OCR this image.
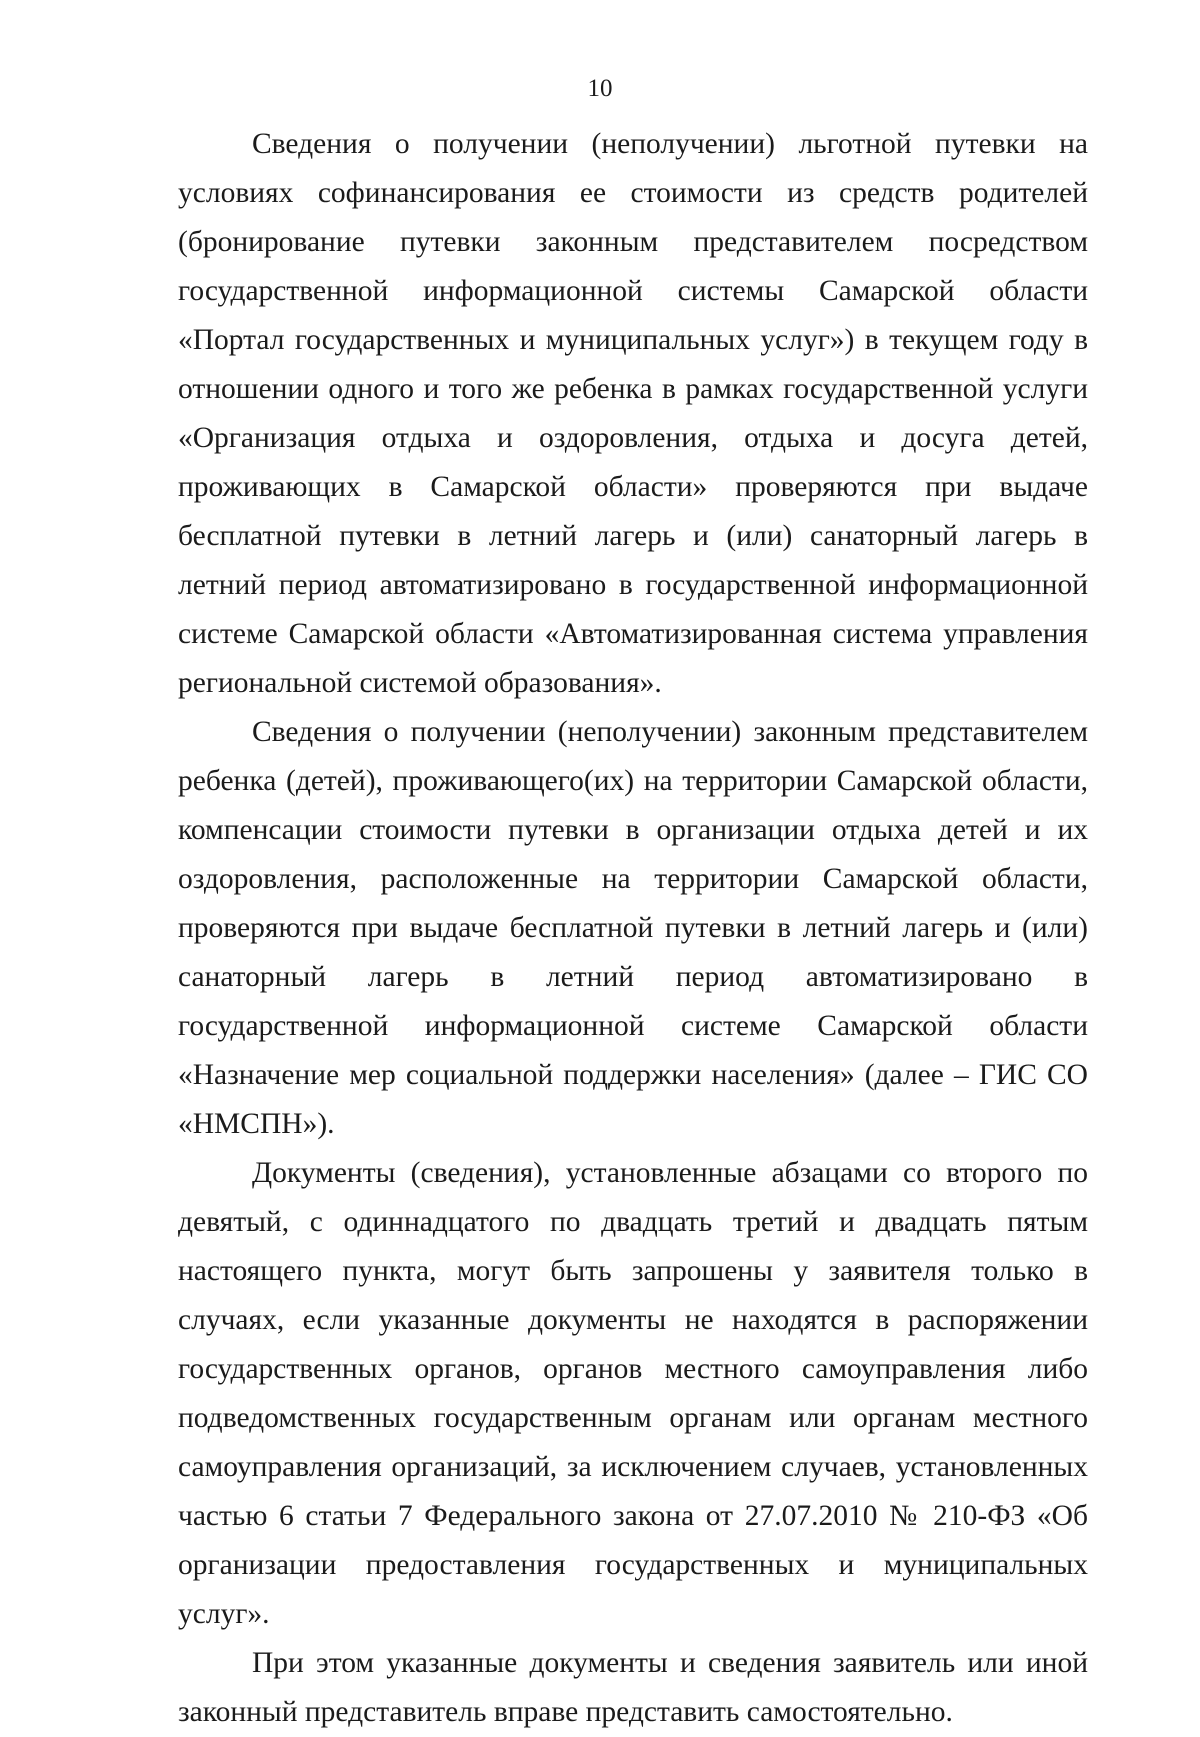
10

Сведения о получении (неполучении) льготной путевки на условиях софинансирования ее стоимости из средств родителей (бронирование путевки законным представителем посредством государственной информационной системы Самарской области «Портал государственных и муниципальных услуг») в текущем году в отношении одного и того же ребенка в рамках государственной услуги «Организация отдыха и оздоровления, отдыха и досуга детей, проживающих в Самарской области» проверяются при выдаче бесплатной путевки в летний лагерь и (или) санаторный лагерь в летний период автоматизировано в государственной информационной системе Самарской области «Автоматизированная система управления региональной системой образования».

Сведения о получении (неполучении) законным представителем ребенка (детей), проживающего(их) на территории Самарской области, компенсации стоимости путевки в организации отдыха детей и их оздоровления, расположенные на территории Самарской области, проверяются при выдаче бесплатной путевки в летний лагерь и (или) санаторный лагерь в летний период автоматизировано в государственной информационной системе Самарской области «Назначение мер социальной поддержки населения» (далее – ГИС СО «НМСПН»).

Документы (сведения), установленные абзацами со второго по девятый, с одиннадцатого по двадцать третий и двадцать пятым настоящего пункта, могут быть запрошены у заявителя только в случаях, если указанные документы не находятся в распоряжении государственных органов, органов местного самоуправления либо подведомственных государственным органам или органам местного самоуправления организаций, за исключением случаев, установленных частью 6 статьи 7 Федерального закона от 27.07.2010 № 210-ФЗ «Об организации предоставления государственных и муниципальных услуг».

При этом указанные документы и сведения заявитель или иной законный представитель вправе представить самостоятельно.
